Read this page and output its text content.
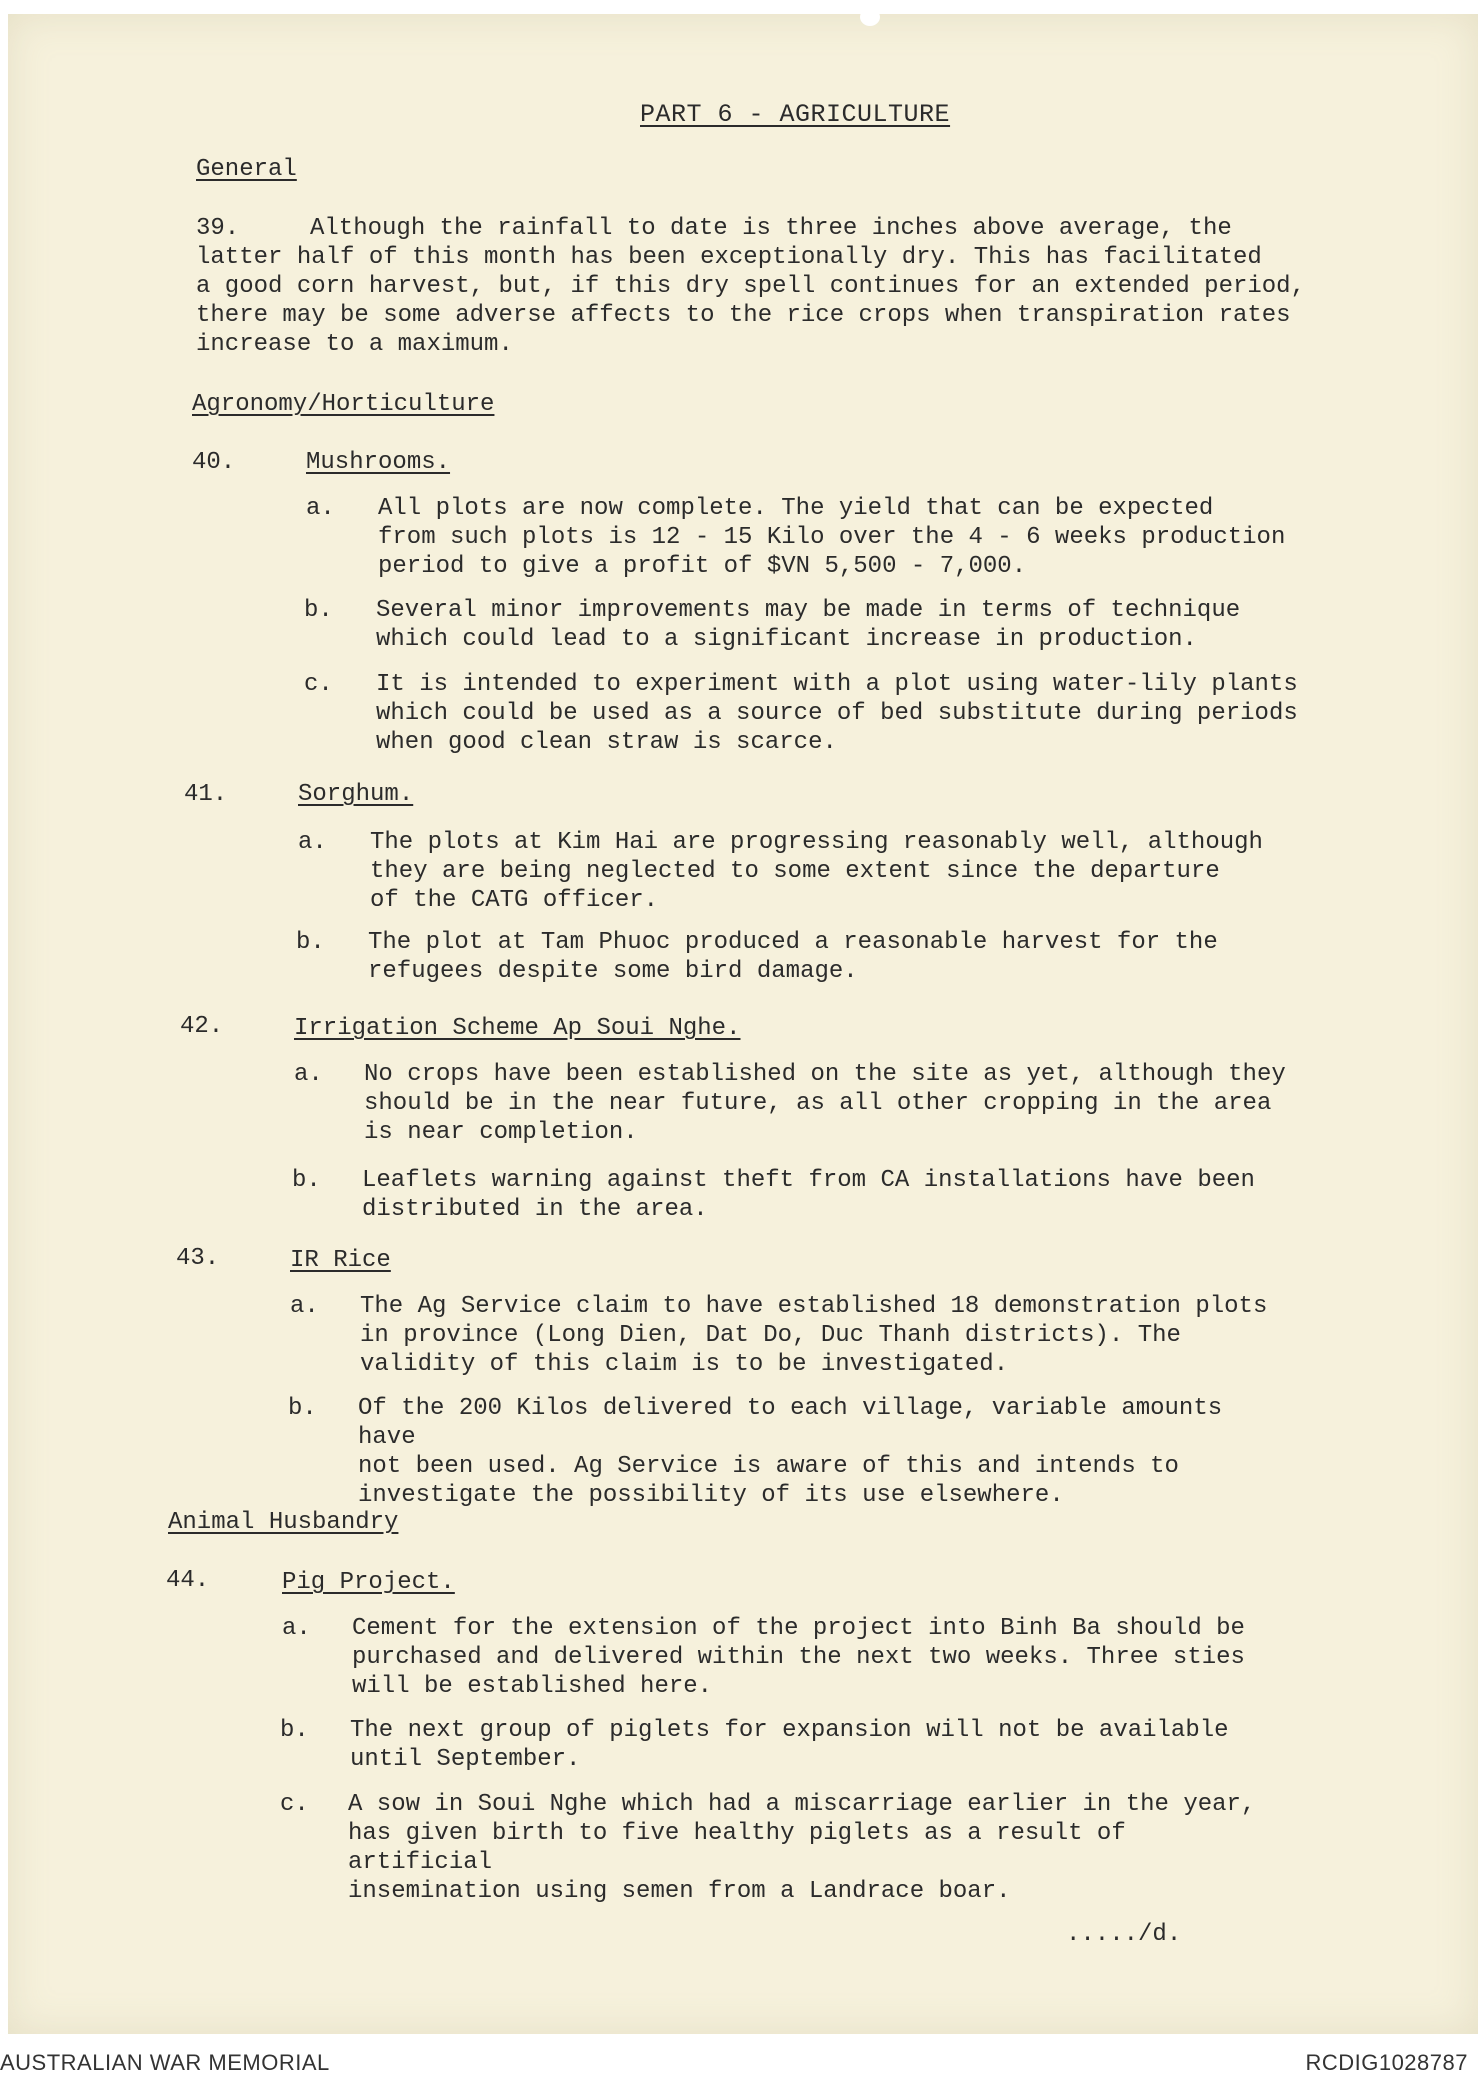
PART 6 - AGRICULTURE
General
39.	Although the rainfall to date is three inches above average, the
latter half of this month has been exceptionally dry. This has facilitated
a good corn harvest, but, if this dry spell continues for an extended period,
there may be some adverse affects to the rice crops when transpiration rates
increase to a maximum.
Agronomy/Horticulture
40.	Mushrooms.
a. All plots are now complete. The yield that can be expected
from such plots is 12 - 15 Kilo over the 4 - 6 weeks production
period to give a profit of $VN 5,500 - 7,000.
b. Several minor improvements may be made in terms of technique
which could lead to a significant increase in production.
c. It is intended to experiment with a plot using water-lily plants
which could be used as a source of bed substitute during periods
when good clean straw is scarce.
41.	Sorghum.
a. The plots at Kim Hai are progressing reasonably well, although
they are being neglected to some extent since the departure
of the CATG officer.
b. The plot at Tam Phuoc produced a reasonable harvest for the
refugees despite some bird damage.
42.	Irrigation Scheme Ap Soui Nghe.
a. No crops have been established on the site as yet, although they
should be in the near future, as all other cropping in the area
is near completion.
b. Leaflets warning against theft from CA installations have been
distributed in the area.
43.	IR Rice
a. The Ag Service claim to have established 18 demonstration plots
in province (Long Dien, Dat Do, Duc Thanh districts). The
validity of this claim is to be investigated.
b. Of the 200 Kilos delivered to each village, variable amounts have
not been used. Ag Service is aware of this and intends to
investigate the possibility of its use elsewhere.
Animal Husbandry
44.	Pig Project.
a. Cement for the extension of the project into Binh Ba should be
purchased and delivered within the next two weeks. Three sties
will be established here.
b. The next group of piglets for expansion will not be available
until September.
c. A sow in Soui Nghe which had a miscarriage earlier in the year,
has given birth to five healthy piglets as a result of artificial
insemination using semen from a Landrace boar.
...../d.
AUSTRALIAN WAR MEMORIAL	RCDIG1028787
